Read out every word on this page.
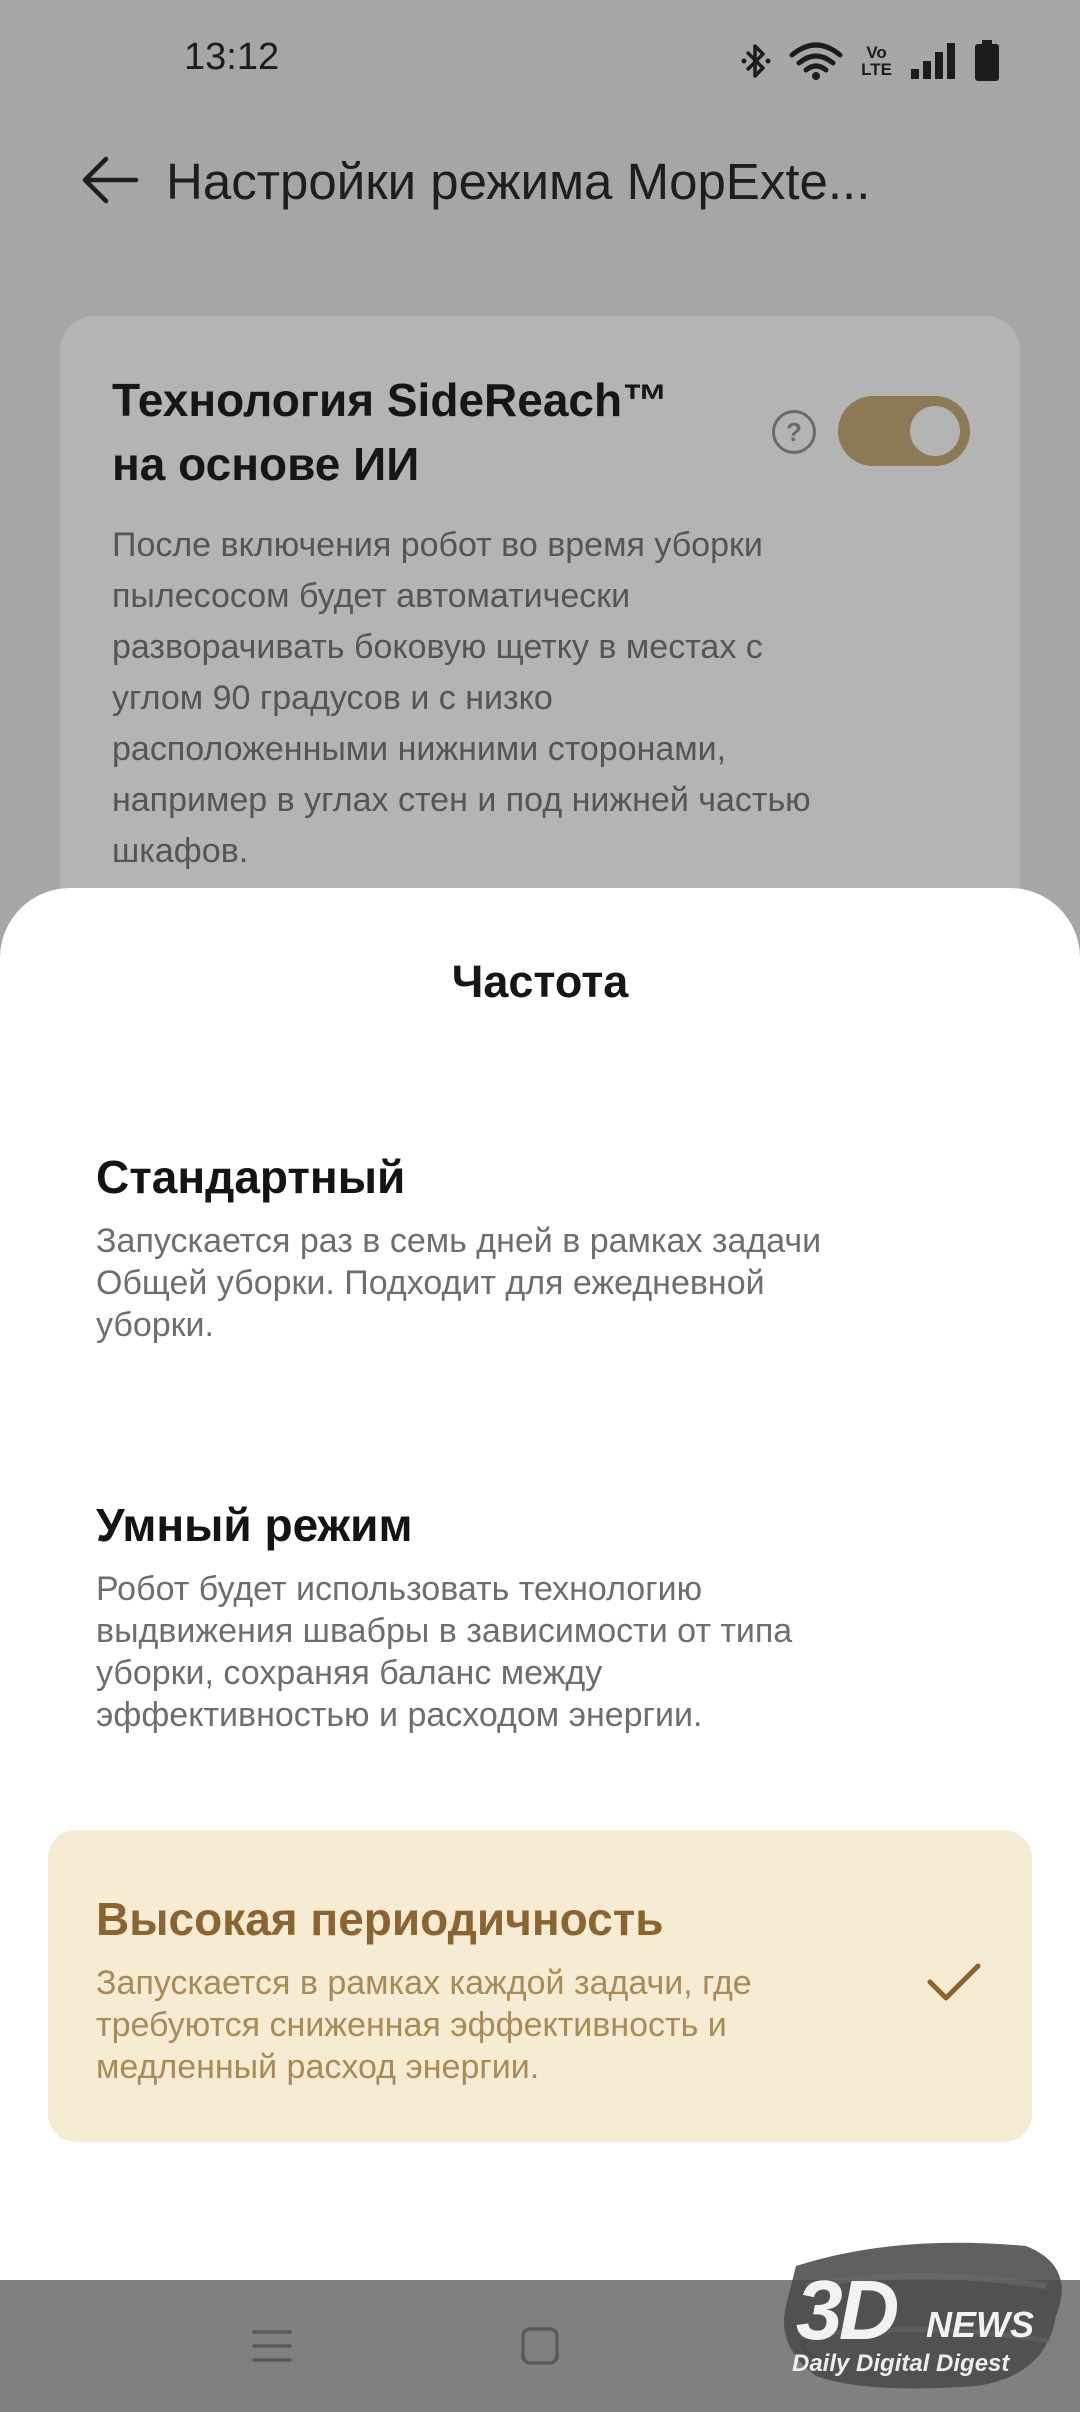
13:12	Vo
LTE
Настройки режима MopExte...
Технология SideReach™ на основе ИИ
?
После включения робот во время уборки пылесосом будет автоматически разворачивать боковую щетку в местах с углом 90 градусов и с низко расположенными нижними сторонами, например в углах стен и под нижней частью шкафов.
Частота
Стандартный
Запускается раз в семь дней в рамках задачи Общей уборки. Подходит для ежедневной уборки.
Умный режим
Робот будет использовать технологию выдвижения швабры в зависимости от типа уборки, сохраняя баланс между эффективностью и расходом энергии.
Высокая периодичность
Запускается в рамках каждой задачи, где требуются сниженная эффективность и медленный расход энергии.
3D NEWS
Daily Digital Digest
